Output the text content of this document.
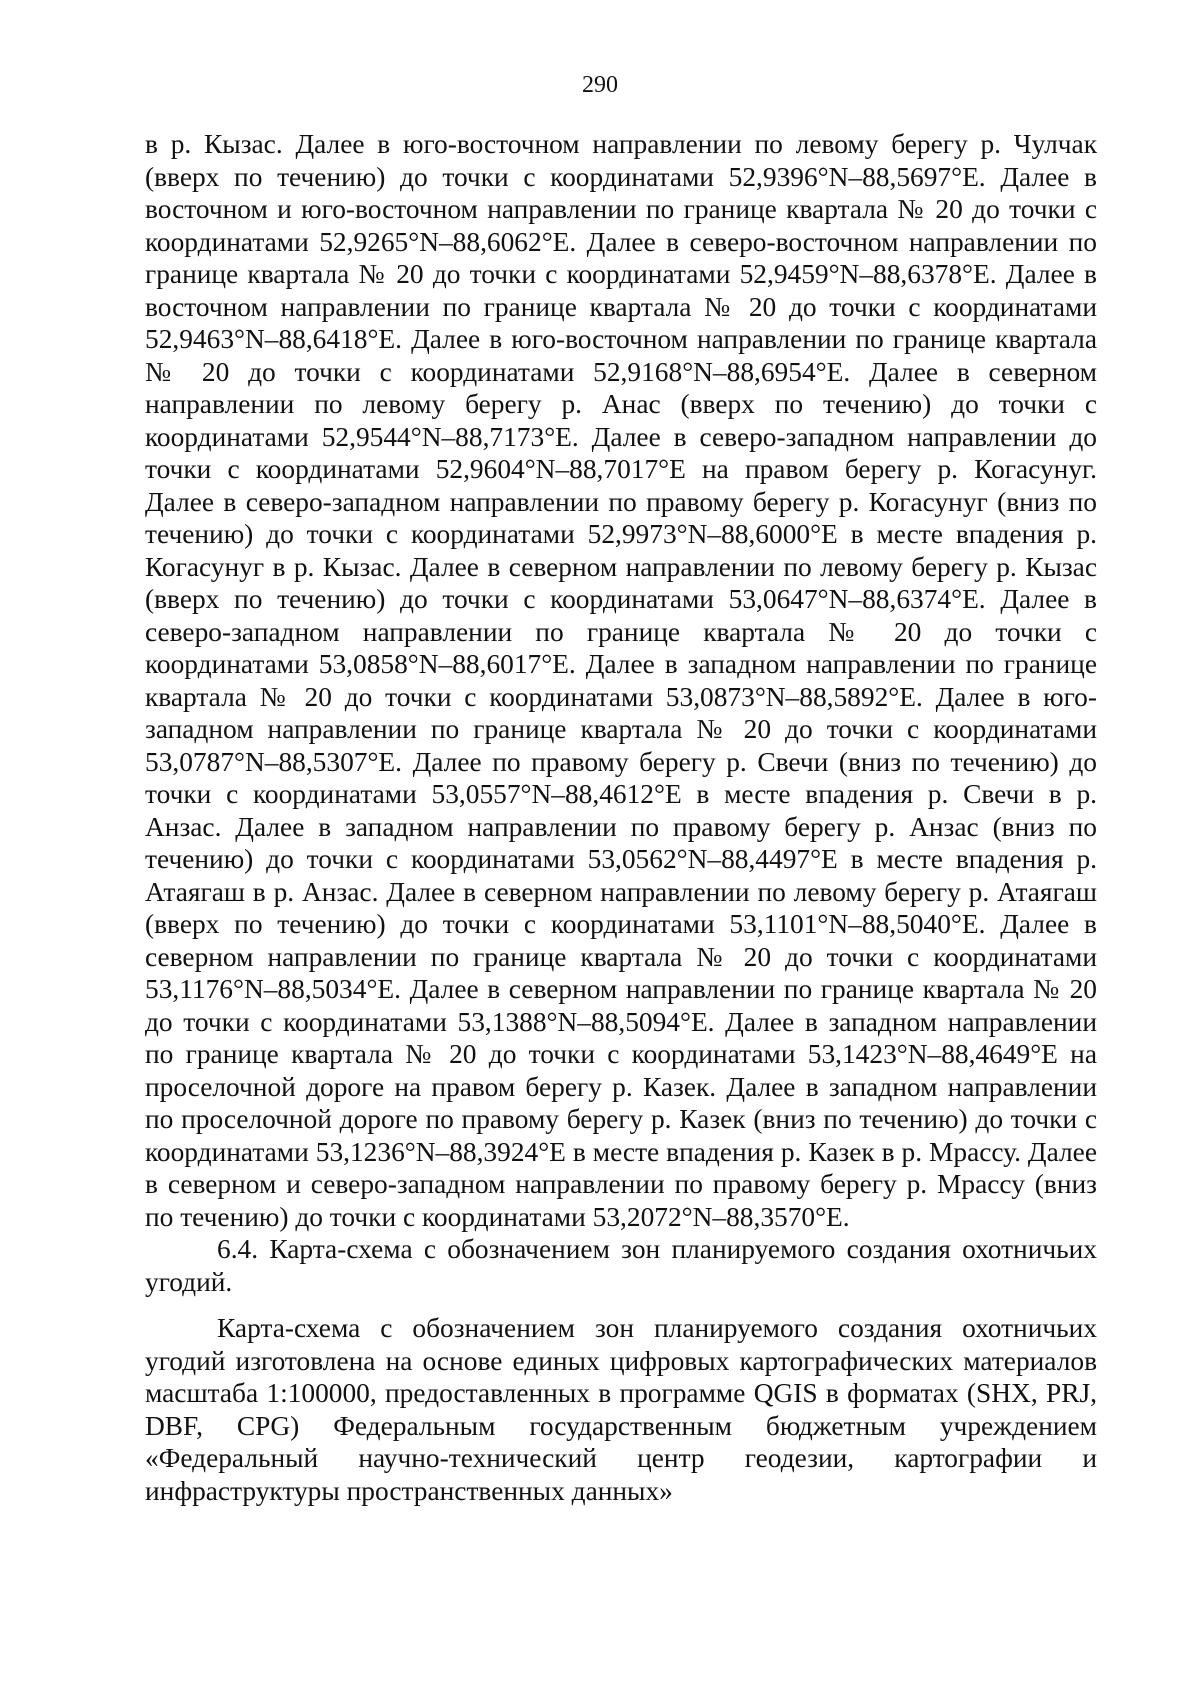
290

в р. Кызас. Далее в юго-восточном направлении по левому берегу р. Чулчак (вверх по течению) до точки с координатами 52,9396°N–88,5697°E. Далее в восточном и юго-восточном направлении по границе квартала № 20 до точки с координатами 52,9265°N–88,6062°E. Далее в северо-восточном направлении по границе квартала № 20 до точки с координатами 52,9459°N–88,6378°E. Далее в восточном направлении по границе квартала № 20 до точки с координатами 52,9463°N–88,6418°E. Далее в юго-восточном направлении по границе квартала № 20 до точки с координатами 52,9168°N–88,6954°E. Далее в северном направлении по левому берегу р. Анас (вверх по течению) до точки с координатами 52,9544°N–88,7173°E. Далее в северо-западном направлении до точки с координатами 52,9604°N–88,7017°E на правом берегу р. Когасунуг. Далее в северо-западном направлении по правому берегу р. Когасунуг (вниз по течению) до точки с координатами 52,9973°N–88,6000°E в месте впадения р. Когасунуг в р. Кызас. Далее в северном направлении по левому берегу р. Кызас (вверх по течению) до точки с координатами 53,0647°N–88,6374°E. Далее в северо-западном направлении по границе квартала № 20 до точки с координатами 53,0858°N–88,6017°E. Далее в западном направлении по границе квартала № 20 до точки с координатами 53,0873°N–88,5892°E. Далее в юго-западном направлении по границе квартала № 20 до точки с координатами 53,0787°N–88,5307°E. Далее по правому берегу р. Свечи (вниз по течению) до точки с координатами 53,0557°N–88,4612°E в месте впадения р. Свечи в р. Анзас. Далее в западном направлении по правому берегу р. Анзас (вниз по течению) до точки с координатами 53,0562°N–88,4497°E в месте впадения р. Атаягаш в р. Анзас. Далее в северном направлении по левому берегу р. Атаягаш (вверх по течению) до точки с координатами 53,1101°N–88,5040°E. Далее в северном направлении по границе квартала № 20 до точки с координатами 53,1176°N–88,5034°E. Далее в северном направлении по границе квартала № 20 до точки с координатами 53,1388°N–88,5094°E. Далее в западном направлении по границе квартала № 20 до точки с координатами 53,1423°N–88,4649°E на проселочной дороге на правом берегу р. Казек. Далее в западном направлении по проселочной дороге по правому берегу р. Казек (вниз по течению) до точки с координатами 53,1236°N–88,3924°E в месте впадения р. Казек в р. Мрассу. Далее в северном и северо-западном направлении по правому берегу р. Мрассу (вниз по течению) до точки с координатами 53,2072°N–88,3570°E.

6.4. Карта-схема с обозначением зон планируемого создания охотничьих угодий.

Карта-схема с обозначением зон планируемого создания охотничьих угодий изготовлена на основе единых цифровых картографических материалов масштаба 1:100000, предоставленных в программе QGIS в форматах (SHX, PRJ, DBF, CPG) Федеральным государственным бюджетным учреждением «Федеральный научно-технический центр геодезии, картографии и инфраструктуры пространственных данных»
